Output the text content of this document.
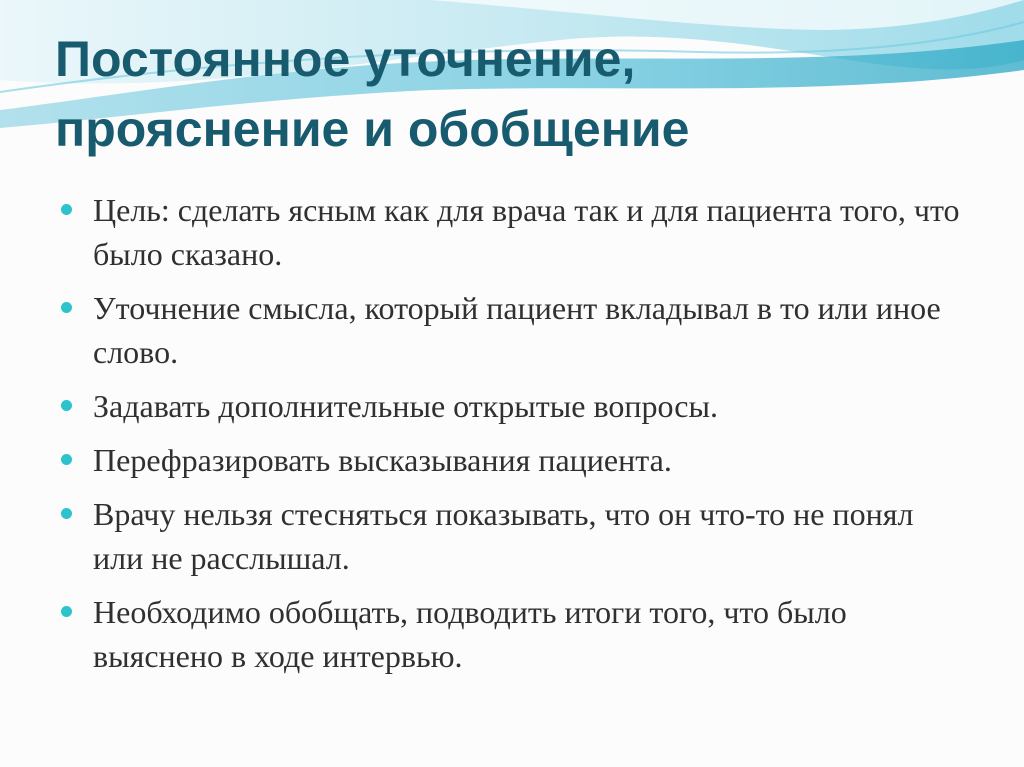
Постоянное уточнение,
прояснение и обобщение
Цель: сделать ясным как для врача так и для пациента того, что было сказано.
Уточнение смысла, который пациент вкладывал в то или иное слово.
Задавать дополнительные открытые вопросы.
Перефразировать высказывания пациента.
Врачу нельзя стесняться показывать, что он что-то не понял или не расслышал.
Необходимо обобщать, подводить итоги того, что было выяснено в ходе интервью.
